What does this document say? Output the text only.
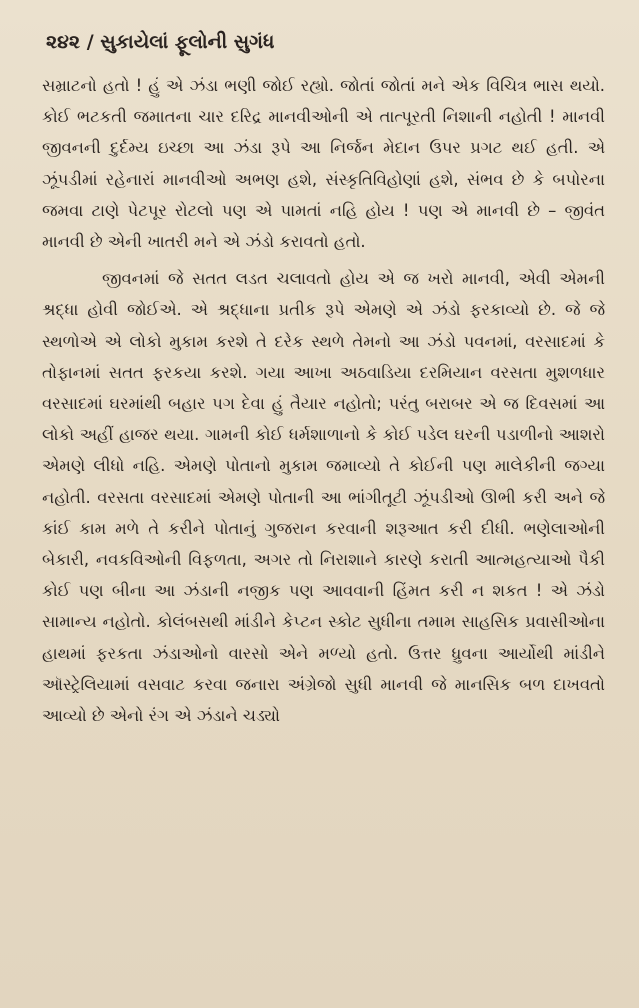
૨૪૨ / સુકાયેલાં ફૂલોની સુગંધ

સમ્રાટનો હતો ! હું એ ઝંડા ભણી જોઈ રહ્યો. જોતાં જોતાં મને એક વિચિત્ર ભાસ થયો. કોઈ ભટકતી જમાતના ચાર દરિદ્ર માનવીઓની એ તાત્પૂરતી નિશાની નહોતી ! માનવી જીવનની દુર્દમ્ય ઇચ્છા આ ઝંડા રૂપે આ નિર્જન મેદાન ઉપર પ્રગટ થઈ હતી. એ ઝૂંપડીમાં રહેનારાં માનવીઓ અભણ હશે, સંસ્કૃતિવિહોણાં હશે, સંભવ છે કે બપોરના જમવા ટાણે પેટપૂર રોટલો પણ એ પામતાં નહિ હોય ! પણ એ માનવી છે – જીવંત માનવી છે એની ખાતરી મને એ ઝંડો કરાવતો હતો.

જીવનમાં જે સતત લડત ચલાવતો હોય એ જ ખરો માનવી, એવી એમની શ્રદ્ધા હોવી જોઈએ. એ શ્રદ્ધાના પ્રતીક રૂપે એમણે એ ઝંડો ફરકાવ્યો છે. જે જે સ્થળોએ એ લોકો મુકામ કરશે તે દરેક સ્થળે તેમનો આ ઝંડો પવનમાં, વરસાદમાં કે તોફાનમાં સતત ફરકયા કરશે. ગયા આખા અઠવાડિયા દરમિયાન વરસતા મુશળધાર વરસાદમાં ઘરમાંથી બહાર પગ દેવા હું તૈયાર નહોતો; પરંતુ બરાબર એ જ દિવસમાં આ લોકો અહીં હાજર થયા. ગામની કોઈ ધર્મશાળાનો કે કોઈ પડેલ ઘરની પડાળીનો આશરો એમણે લીધો નહિ. એમણે પોતાનો મુકામ જમાવ્યો તે કોઈની પણ માલેકીની જગ્યા નહોતી. વરસતા વરસાદમાં એમણે પોતાની આ ભાંગીતૂટી ઝૂંપડીઓ ઊભી કરી અને જે કાંઈ કામ મળે તે કરીને પોતાનું ગુજરાન કરવાની શરૂઆત કરી દીધી. ભણેલાઓની બેકારી, નવકવિઓની વિફળતા, અગર તો નિરાશાને કારણે કરાતી આત્મહત્યાઓ પૈકી કોઈ પણ બીના આ ઝંડાની નજીક પણ આવવાની હિંમત કરી ન શકત ! એ ઝંડો સામાન્ય નહોતો. કોલંબસથી માંડીને કેપ્ટન સ્કોટ સુધીના તમામ સાહસિક પ્રવાસીઓના હાથમાં ફરકતા ઝંડાઓનો વારસો એને મળ્યો હતો. ઉત્તર ધ્રુવના આર્યોથી માંડીને ઑસ્ટ્રેલિયામાં વસવાટ કરવા જનારા અંગ્રેજો સુધી માનવી જે માનસિક બળ દાખવતો આવ્યો છે એનો રંગ એ ઝંડાને ચડ્યો
